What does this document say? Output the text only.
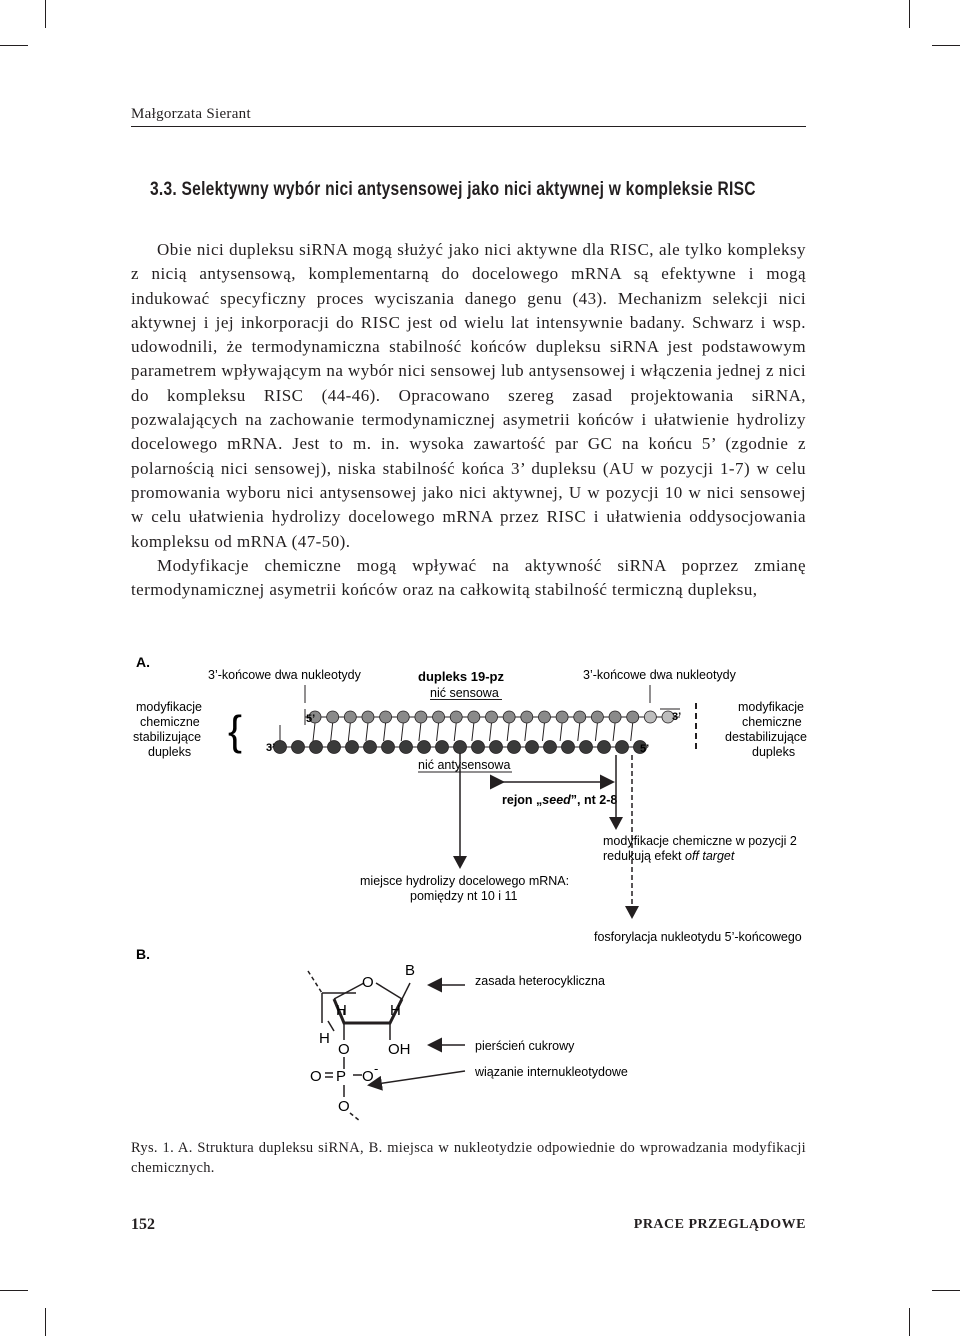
Małgorzata Sierant
3.3. Selektywny wybór nici antysensowej jako nici aktywnej w kompleksie RISC

Obie nici dupleksu siRNA mogą służyć jako nici aktywne dla RISC, ale tylko kompleksy z nicią antysensową, komplementarną do docelowego mRNA są efektywne i mogą indukować specyficzny proces wyciszania danego genu (43). Mechanizm selekcji nici aktywnej i jej inkorporacji do RISC jest od wielu lat intensywnie badany. Schwarz i wsp. udowodnili, że termodynamiczna stabilność końców dupleksu siRNA jest podstawowym parametrem wpływającym na wybór nici sensowej lub antysensowej i włączenia jednej z nici do kompleksu RISC (44-46). Opracowano szereg zasad projektowania siRNA, pozwalających na zachowanie termodynamicznej asymetrii końców i ułatwienie hydrolizy docelowego mRNA. Jest to m. in. wysoka zawartość par GC na końcu 5’ (zgodnie z polarnością nici sensowej), niska stabilność końca 3’ dupleksu (AU w pozycji 1-7) w celu promowania wyboru nici antysensowej jako nici aktywnej, U w pozycji 10 w nici sensowej w celu ułatwienia hydrolizy docelowego mRNA przez RISC i ułatwienia oddysocjowania kompleksu od mRNA (47-50).

Modyfikacje chemiczne mogą wpływać na aktywność siRNA poprzez zmianę termodynamicznej asymetrii końców oraz na całkowitą stabilność termiczną dupleksu,

A.
3’-końcowe dwa nukleotydy	3’-końcowe dwa nukleotydy
dupleks 19-pz
nić sensowa
modyfikacje
chemiczne
stabilizujące
dupleks {	modyfikacje
chemiczne
destabilizujące
dupleks
5’	3’
3’	5’
nić antysensowa
rejon „seed”, nt 2-8
modyfikacje chemiczne w pozycji 2
redukują efekt off target
miejsce hydrolizy docelowego mRNA:
pomiędzy nt 10 i 11
fosforylacja nukleotydu 5’-końcowego
B.
O
B
H	H
H
O	OH
O P O -
O
zasada heterocykliczna
pierścień cukrowy
wiązanie internukleotydowe

Rys. 1. A. Struktura dupleksu siRNA, B. miejsca w nukleotydzie odpowiednie do wprowadzania modyfikacji chemicznych.

152	PRACE PRZEGLĄDOWE
